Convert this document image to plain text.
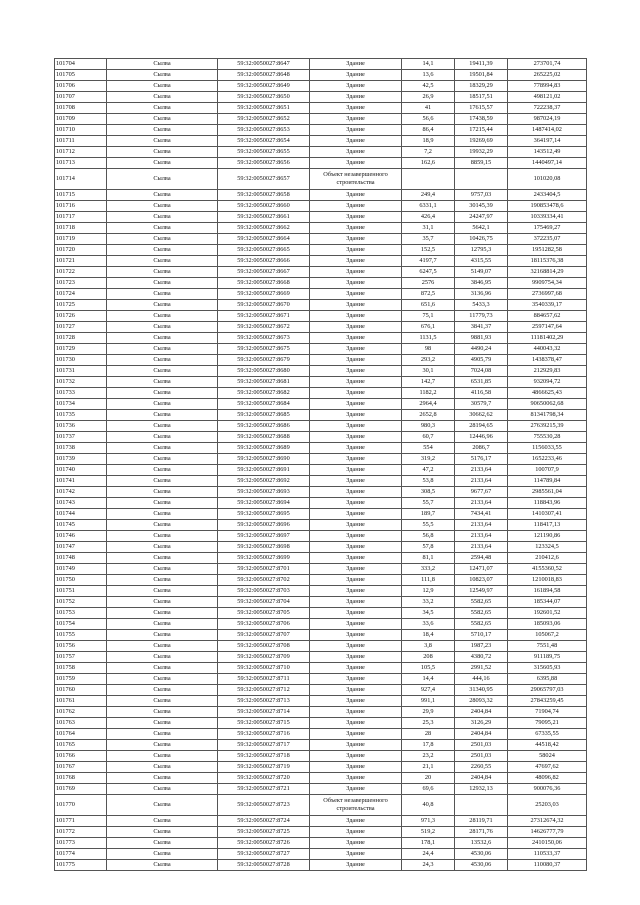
101704	Сылва	59:32:0050027:8647	Здание	14,1	19411,39	273701,74
101705	Сылва	59:32:0050027:8648	Здание	13,6	19501,84	265225,02
101706	Сылва	59:32:0050027:8649	Здание	42,5	18329,29	778994,83
101707	Сылва	59:32:0050027:8650	Здание	26,9	18517,51	498121,02
101708	Сылва	59:32:0050027:8651	Здание	41	17615,57	722238,37
101709	Сылва	59:32:0050027:8652	Здание	56,6	17438,59	987024,19
101710	Сылва	59:32:0050027:8653	Здание	86,4	17215,44	1487414,02
101711	Сылва	59:32:0050027:8654	Здание	18,9	19269,69	364197,14
101712	Сылва	59:32:0050027:8655	Здание	7,2	19932,29	143512,49
101713	Сылва	59:32:0050027:8656	Здание	162,6	8859,15	1440497,14
101714	Сылва	59:32:0050027:8657	Объект незавершенного строительства			101020,08
101715	Сылва	59:32:0050027:8658	Здание	249,4	9757,03	2433404,5
101716	Сылва	59:32:0050027:8660	Здание	6331,1	30145,39	190853478,6
101717	Сылва	59:32:0050027:8661	Здание	426,4	24247,97	10339334,41
101718	Сылва	59:32:0050027:8662	Здание	31,1	5642,1	175469,27
101719	Сылва	59:32:0050027:8664	Здание	35,7	10426,75	372235,07
101720	Сылва	59:32:0050027:8665	Здание	152,5	12795,3	1951282,58
101721	Сылва	59:32:0050027:8666	Здание	4197,7	4315,55	18115376,38
101722	Сылва	59:32:0050027:8667	Здание	6247,5	5149,07	32168814,29
101723	Сылва	59:32:0050027:8668	Здание	2576	3846,95	9909754,34
101724	Сылва	59:32:0050027:8669	Здание	872,5	3136,96	2736997,68
101725	Сылва	59:32:0050027:8670	Здание	651,6	5433,3	3540339,17
101726	Сылва	59:32:0050027:8671	Здание	75,1	11779,73	884657,62
101727	Сылва	59:32:0050027:8672	Здание	676,1	3841,37	2597147,64
101728	Сылва	59:32:0050027:8673	Здание	1131,5	9881,93	11181402,29
101729	Сылва	59:32:0050027:8675	Здание	98	4490,24	440043,32
101730	Сылва	59:32:0050027:8679	Здание	293,2	4905,79	1438378,47
101731	Сылва	59:32:0050027:8680	Здание	30,1	7024,08	212929,83
101732	Сылва	59:32:0050027:8681	Здание	142,7	6531,85	932094,72
101733	Сылва	59:32:0050027:8682	Здание	1182,2	4116,58	4866625,43
101734	Сылва	59:32:0050027:8684	Здание	2964,4	30579,7	90650062,68
101735	Сылва	59:32:0050027:8685	Здание	2652,8	30662,62	81341798,34
101736	Сылва	59:32:0050027:8686	Здание	980,3	28194,65	27639215,39
101737	Сылва	59:32:0050027:8688	Здание	60,7	12446,96	755530,28
101738	Сылва	59:32:0050027:8689	Здание	554	2086,7	1156033,55
101739	Сылва	59:32:0050027:8690	Здание	319,2	5176,17	1652233,46
101740	Сылва	59:32:0050027:8691	Здание	47,2	2133,64	100707,9
101741	Сылва	59:32:0050027:8692	Здание	53,8	2133,64	114789,84
101742	Сылва	59:32:0050027:8693	Здание	308,5	9677,67	2985561,04
101743	Сылва	59:32:0050027:8694	Здание	55,7	2133,64	118843,96
101744	Сылва	59:32:0050027:8695	Здание	189,7	7434,41	1410307,41
101745	Сылва	59:32:0050027:8696	Здание	55,5	2133,64	118417,13
101746	Сылва	59:32:0050027:8697	Здание	56,8	2133,64	121190,86
101747	Сылва	59:32:0050027:8698	Здание	57,8	2133,64	123324,5
101748	Сылва	59:32:0050027:8699	Здание	81,1	2594,48	210412,6
101749	Сылва	59:32:0050027:8701	Здание	333,2	12471,07	4155360,52
101750	Сылва	59:32:0050027:8702	Здание	111,8	10823,07	1210018,83
101751	Сылва	59:32:0050027:8703	Здание	12,9	12549,97	161894,58
101752	Сылва	59:32:0050027:8704	Здание	33,2	5582,65	185344,07
101753	Сылва	59:32:0050027:8705	Здание	34,5	5582,65	192601,52
101754	Сылва	59:32:0050027:8706	Здание	33,6	5582,65	185093,06
101755	Сылва	59:32:0050027:8707	Здание	18,4	5710,17	105067,2
101756	Сылва	59:32:0050027:8708	Здание	3,8	1987,23	7551,48
101757	Сылва	59:32:0050027:8709	Здание	208	4380,72	911189,75
101758	Сылва	59:32:0050027:8710	Здание	105,5	2991,52	315605,93
101759	Сылва	59:32:0050027:8711	Здание	14,4	444,16	6395,88
101760	Сылва	59:32:0050027:8712	Здание	927,4	31340,95	29065797,03
101761	Сылва	59:32:0050027:8713	Здание	991,1	28093,32	27843259,45
101762	Сылва	59:32:0050027:8714	Здание	29,9	2404,84	71904,74
101763	Сылва	59:32:0050027:8715	Здание	25,3	3126,29	79095,21
101764	Сылва	59:32:0050027:8716	Здание	28	2404,84	67335,55
101765	Сылва	59:32:0050027:8717	Здание	17,8	2501,03	44518,42
101766	Сылва	59:32:0050027:8718	Здание	23,2	2501,03	58024
101767	Сылва	59:32:0050027:8719	Здание	21,1	2260,55	47697,62
101768	Сылва	59:32:0050027:8720	Здание	20	2404,84	48096,82
101769	Сылва	59:32:0050027:8721	Здание	69,6	12932,13	900076,36
101770	Сылва	59:32:0050027:8723	Объект незавершенного строительства	40,8		25203,03
101771	Сылва	59:32:0050027:8724	Здание	971,3	28119,71	27312674,32
101772	Сылва	59:32:0050027:8725	Здание	519,2	28171,76	14626777,79
101773	Сылва	59:32:0050027:8726	Здание	178,1	13532,6	2410150,06
101774	Сылва	59:32:0050027:8727	Здание	24,4	4530,06	110533,37
101775	Сылва	59:32:0050027:8728	Здание	24,3	4530,06	110080,37
